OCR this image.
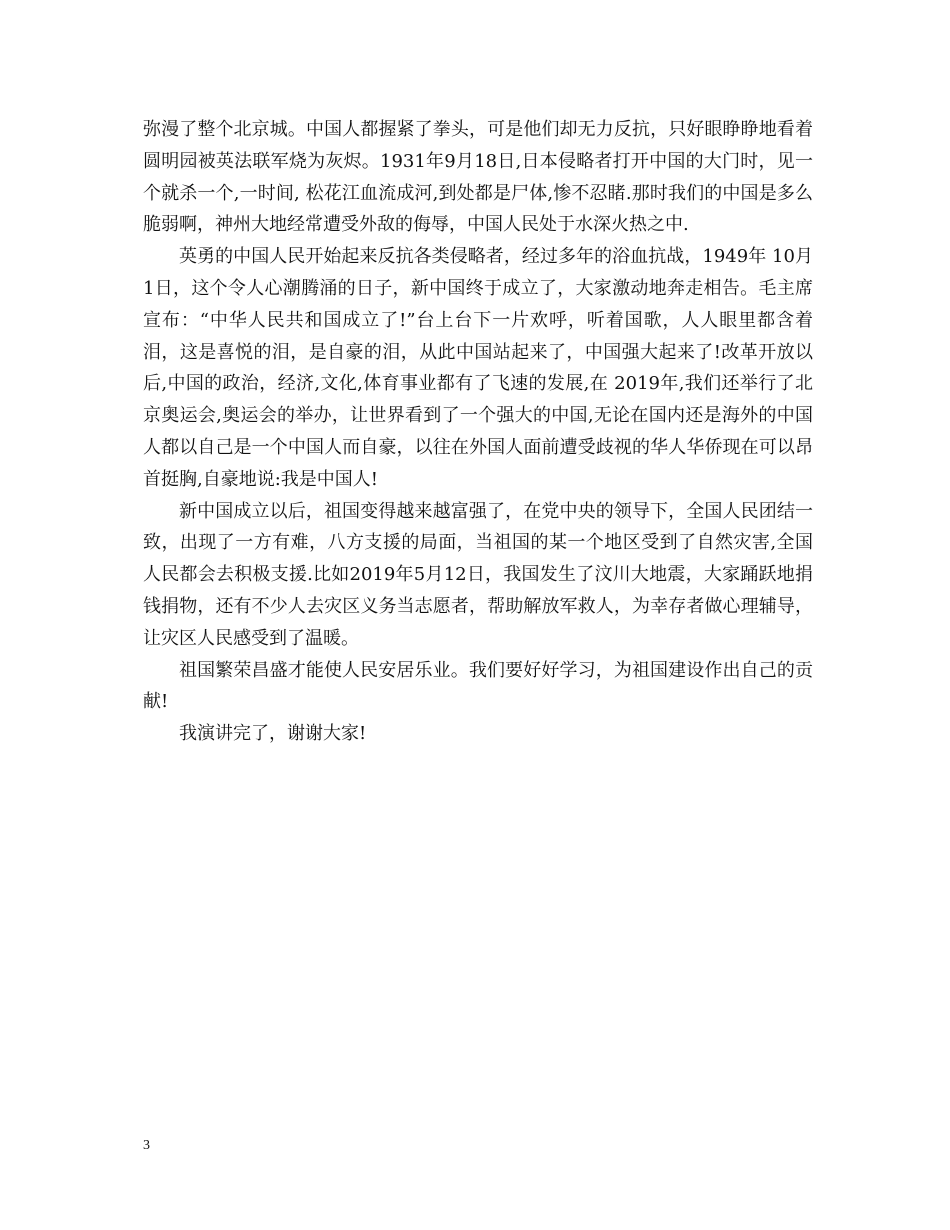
弥漫了整个北京城。中国人都握紧了拳头，可是他们却无力反抗，只好眼睁睁地看着圆明园被英法联军烧为灰烬。1931年9月18日,日本侵略者打开中国的大门时，见一个就杀一个,一时间, 松花江血流成河,到处都是尸体,惨不忍睹.那时我们的中国是多么脆弱啊，神州大地经常遭受外敌的侮辱，中国人民处于水深火热之中.

英勇的中国人民开始起来反抗各类侵略者，经过多年的浴血抗战，1949年 10月1日，这个令人心潮腾涌的日子，新中国终于成立了，大家激动地奔走相告。毛主席宣布：“中华人民共和国成立了!”台上台下一片欢呼，听着国歌，人人眼里都含着泪，这是喜悦的泪，是自豪的泪，从此中国站起来了，中国强大起来了!改革开放以后,中国的政治，经济,文化,体育事业都有了飞速的发展,在 2019年,我们还举行了北京奥运会,奥运会的举办，让世界看到了一个强大的中国,无论在国内还是海外的中国人都以自己是一个中国人而自豪，以往在外国人面前遭受歧视的华人华侨现在可以昂首挺胸,自豪地说:我是中国人!

新中国成立以后，祖国变得越来越富强了，在党中央的领导下，全国人民团结一致，出现了一方有难，八方支援的局面，当祖国的某一个地区受到了自然灾害,全国人民都会去积极支援.比如2019年5月12日，我国发生了汶川大地震，大家踊跃地捐钱捐物，还有不少人去灾区义务当志愿者，帮助解放军救人，为幸存者做心理辅导，让灾区人民感受到了温暖。

祖国繁荣昌盛才能使人民安居乐业。我们要好好学习，为祖国建设作出自己的贡献!

我演讲完了，谢谢大家!

3
